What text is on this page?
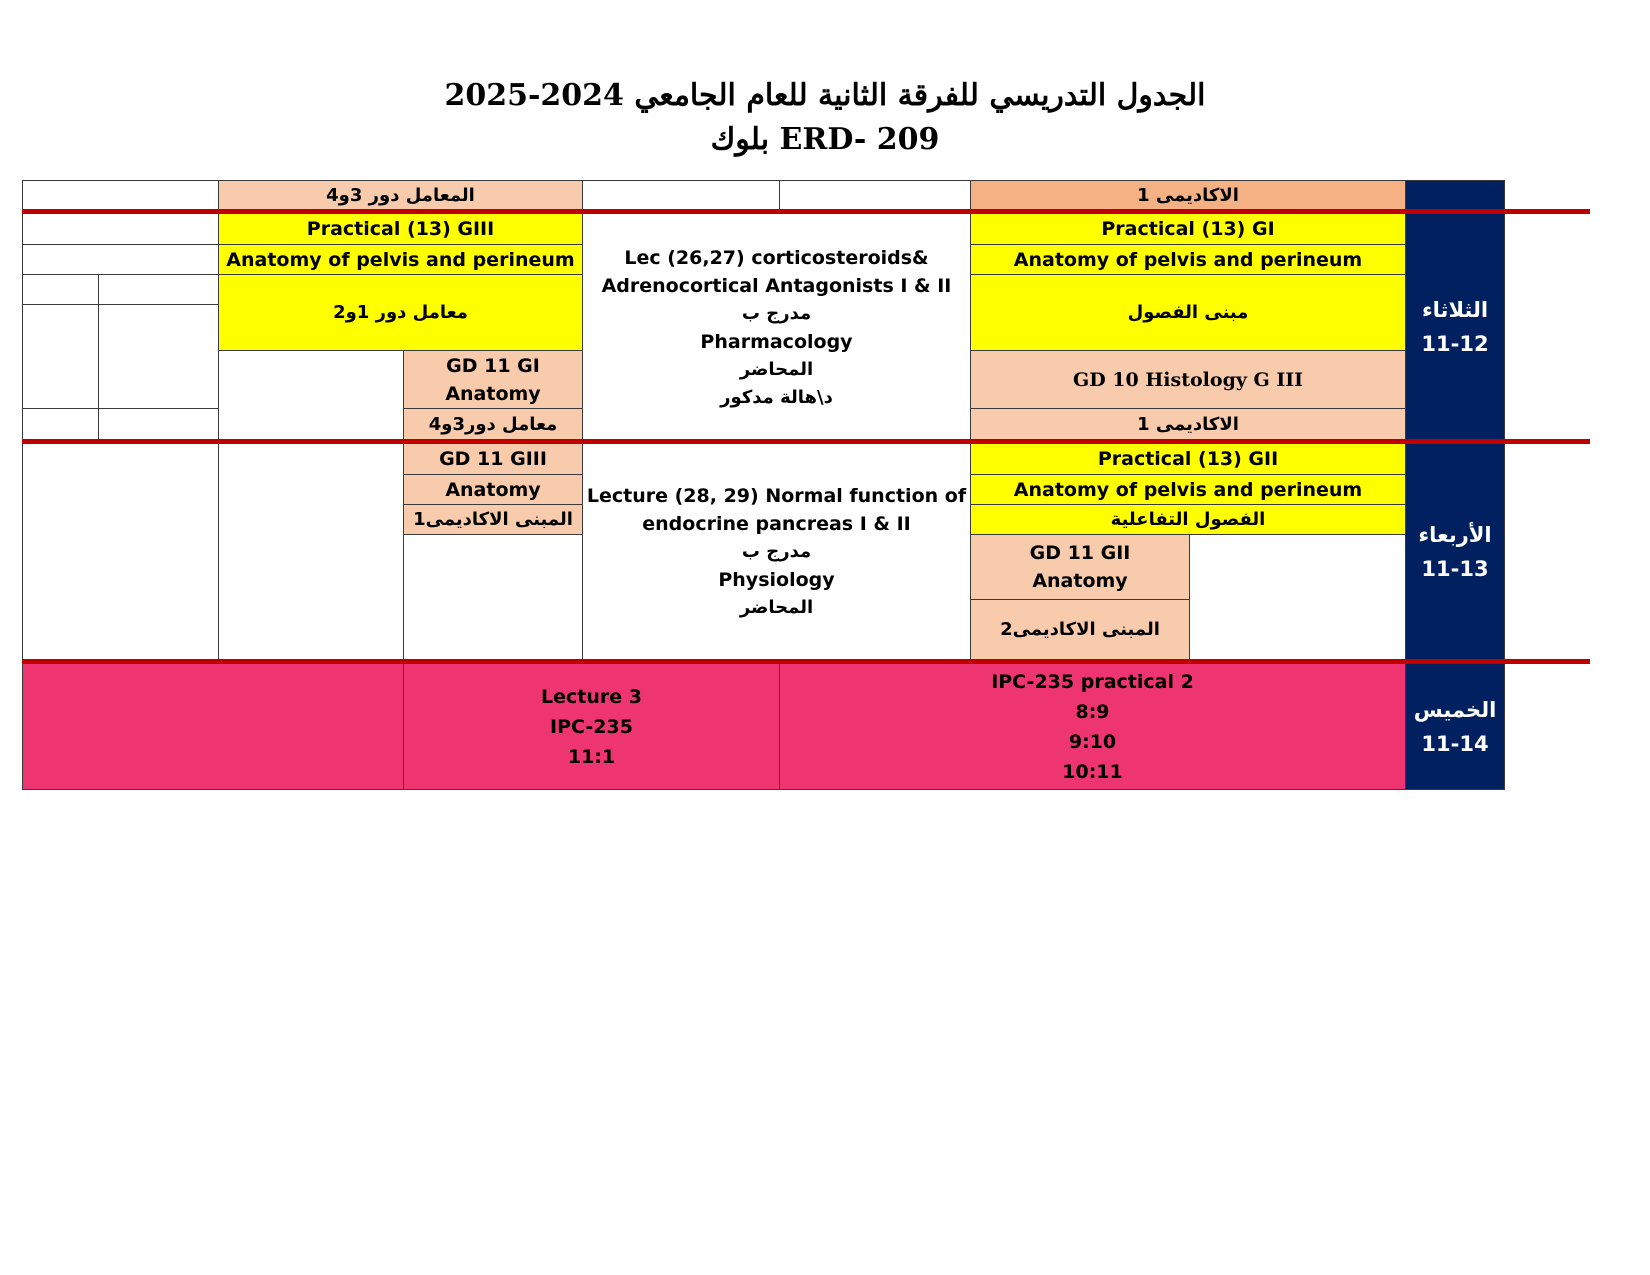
الجدول التدريسي للفرقة الثانية للعام الجامعي 2024-2025
ERD- 209 بلوك
الاكاديمى 1
المعامل دور 3و4
الثلاثاء
11-12
Practical (13) GI
Anatomy of pelvis and perineum
مبنى الفصول
GD 10 Histology G III
الاكاديمى 1
Lec (26,27) corticosteroids&
Adrenocortical Antagonists I & II
مدرج ب
Pharmacology
المحاضر
د\هالة مدكور
Practical (13) GIII
Anatomy of pelvis and perineum
معامل دور 1و2
GD 11 GI
Anatomy
معامل دور3و4
الأربعاء
11-13
Practical (13) GII
Anatomy of pelvis and perineum
الفصول التفاعلية
GD 11 GII
Anatomy
المبنى الاكاديمى2
Lecture (28, 29) Normal function of
endocrine pancreas I & II
مدرج ب
Physiology
المحاضر
GD 11 GIII
Anatomy
المبنى الاكاديمى1
الخميس
11-14
IPC-235 practical 2
8:9
9:10
10:11
Lecture 3
IPC-235
11:1
